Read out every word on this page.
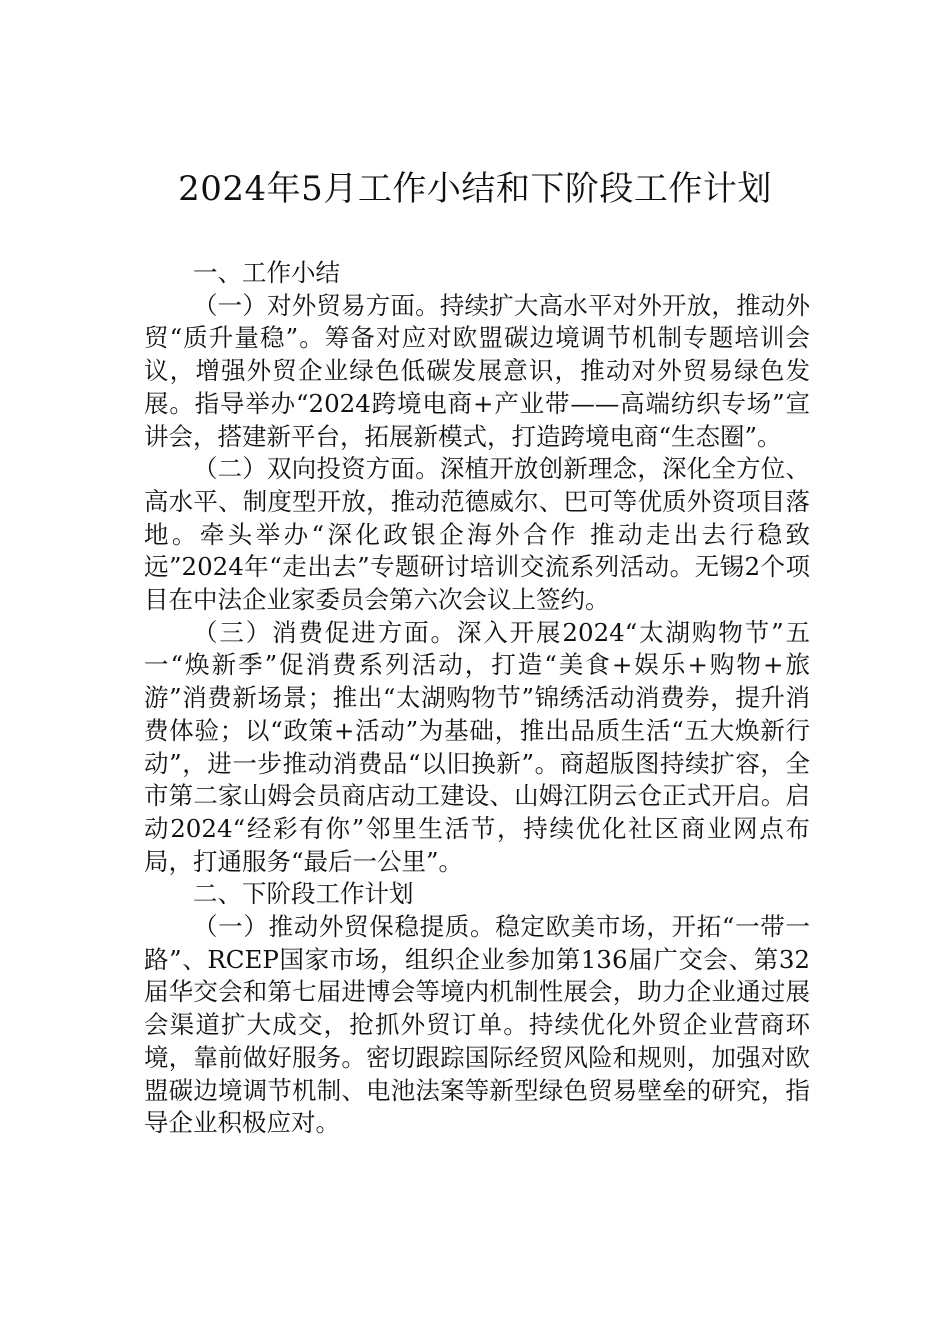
2024年5月工作小结和下阶段工作计划
一、工作小结

（一）对外贸易方面。持续扩大高水平对外开放，推动外贸“质升量稳”。筹备对应对欧盟碳边境调节机制专题培训会议，增强外贸企业绿色低碳发展意识，推动对外贸易绿色发展。指导举办“2024跨境电商+产业带——高端纺织专场”宣讲会，搭建新平台，拓展新模式，打造跨境电商“生态圈”。

（二）双向投资方面。深植开放创新理念，深化全方位、高水平、制度型开放，推动范德威尔、巴可等优质外资项目落地。牵头举办“深化政银企海外合作 推动走出去行稳致远”2024年“走出去”专题研讨培训交流系列活动。无锡2个项目在中法企业家委员会第六次会议上签约。

（三）消费促进方面。深入开展2024“太湖购物节”五一“焕新季”促消费系列活动，打造“美食+娱乐+购物+旅游”消费新场景；推出“太湖购物节”锦绣活动消费券，提升消费体验；以“政策+活动”为基础，推出品质生活“五大焕新行动”，进一步推动消费品“以旧换新”。商超版图持续扩容，全市第二家山姆会员商店动工建设、山姆江阴云仓正式开启。启动2024“经彩有你”邻里生活节，持续优化社区商业网点布局，打通服务“最后一公里”。

二、下阶段工作计划

（一）推动外贸保稳提质。稳定欧美市场，开拓“一带一路”、RCEP国家市场，组织企业参加第136届广交会、第32届华交会和第七届进博会等境内机制性展会，助力企业通过展会渠道扩大成交，抢抓外贸订单。持续优化外贸企业营商环境，靠前做好服务。密切跟踪国际经贸风险和规则，加强对欧盟碳边境调节机制、电池法案等新型绿色贸易壁垒的研究，指导企业积极应对。
